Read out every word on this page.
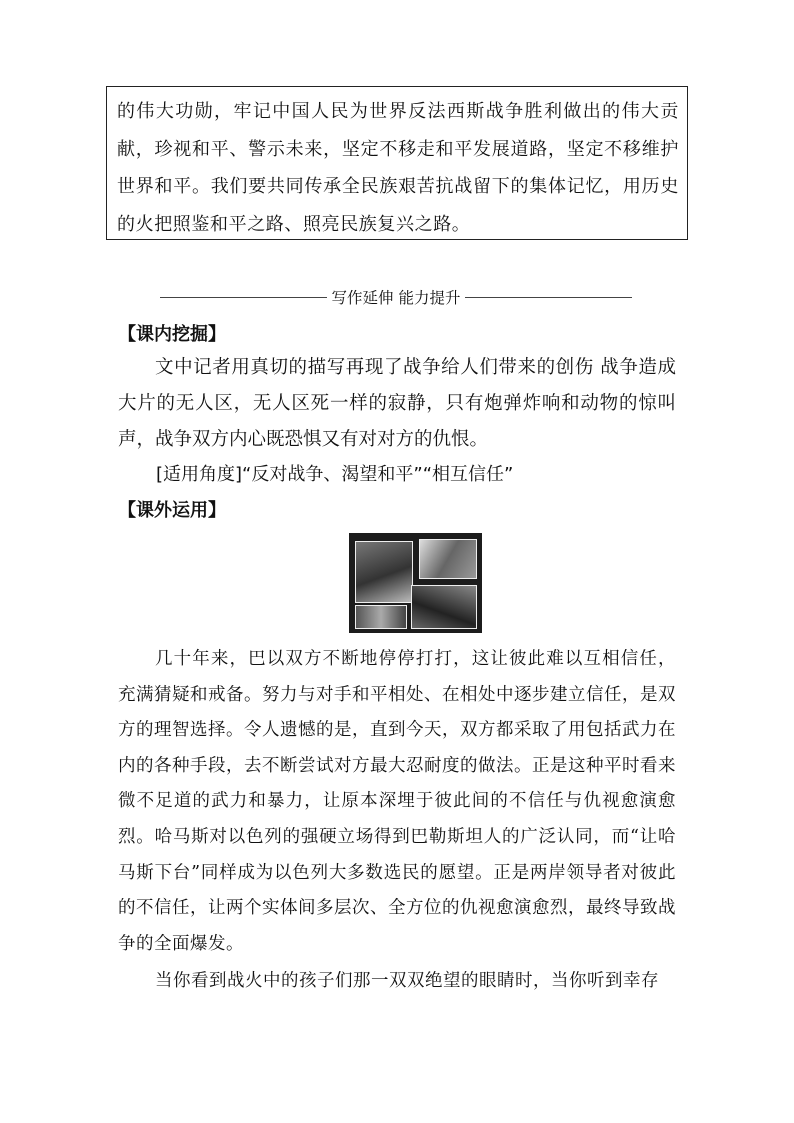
的伟大功勋，牢记中国人民为世界反法西斯战争胜利做出的伟大贡献，珍视和平、警示未来，坚定不移走和平发展道路，坚定不移维护世界和平。我们要共同传承全民族艰苦抗战留下的集体记忆，用历史的火把照鉴和平之路、照亮民族复兴之路。

写作延伸 能力提升
【课内挖掘】

文中记者用真切的描写再现了战争给人们带来的创伤 战争造成大片的无人区，无人区死一样的寂静，只有炮弹炸响和动物的惊叫声，战争双方内心既恐惧又有对对方的仇恨。

[适用角度]“反对战争、渴望和平”“相互信任”
【课外运用】

几十年来，巴以双方不断地停停打打，这让彼此难以互相信任，充满猜疑和戒备。努力与对手和平相处、在相处中逐步建立信任，是双方的理智选择。令人遗憾的是，直到今天，双方都采取了用包括武力在内的各种手段，去不断尝试对方最大忍耐度的做法。正是这种平时看来微不足道的武力和暴力，让原本深埋于彼此间的不信任与仇视愈演愈烈。哈马斯对以色列的强硬立场得到巴勒斯坦人的广泛认同，而“让哈马斯下台”同样成为以色列大多数选民的愿望。正是两岸领导者对彼此的不信任，让两个实体间多层次、全方位的仇视愈演愈烈，最终导致战争的全面爆发。

当你看到战火中的孩子们那一双双绝望的眼睛时，当你听到幸存
